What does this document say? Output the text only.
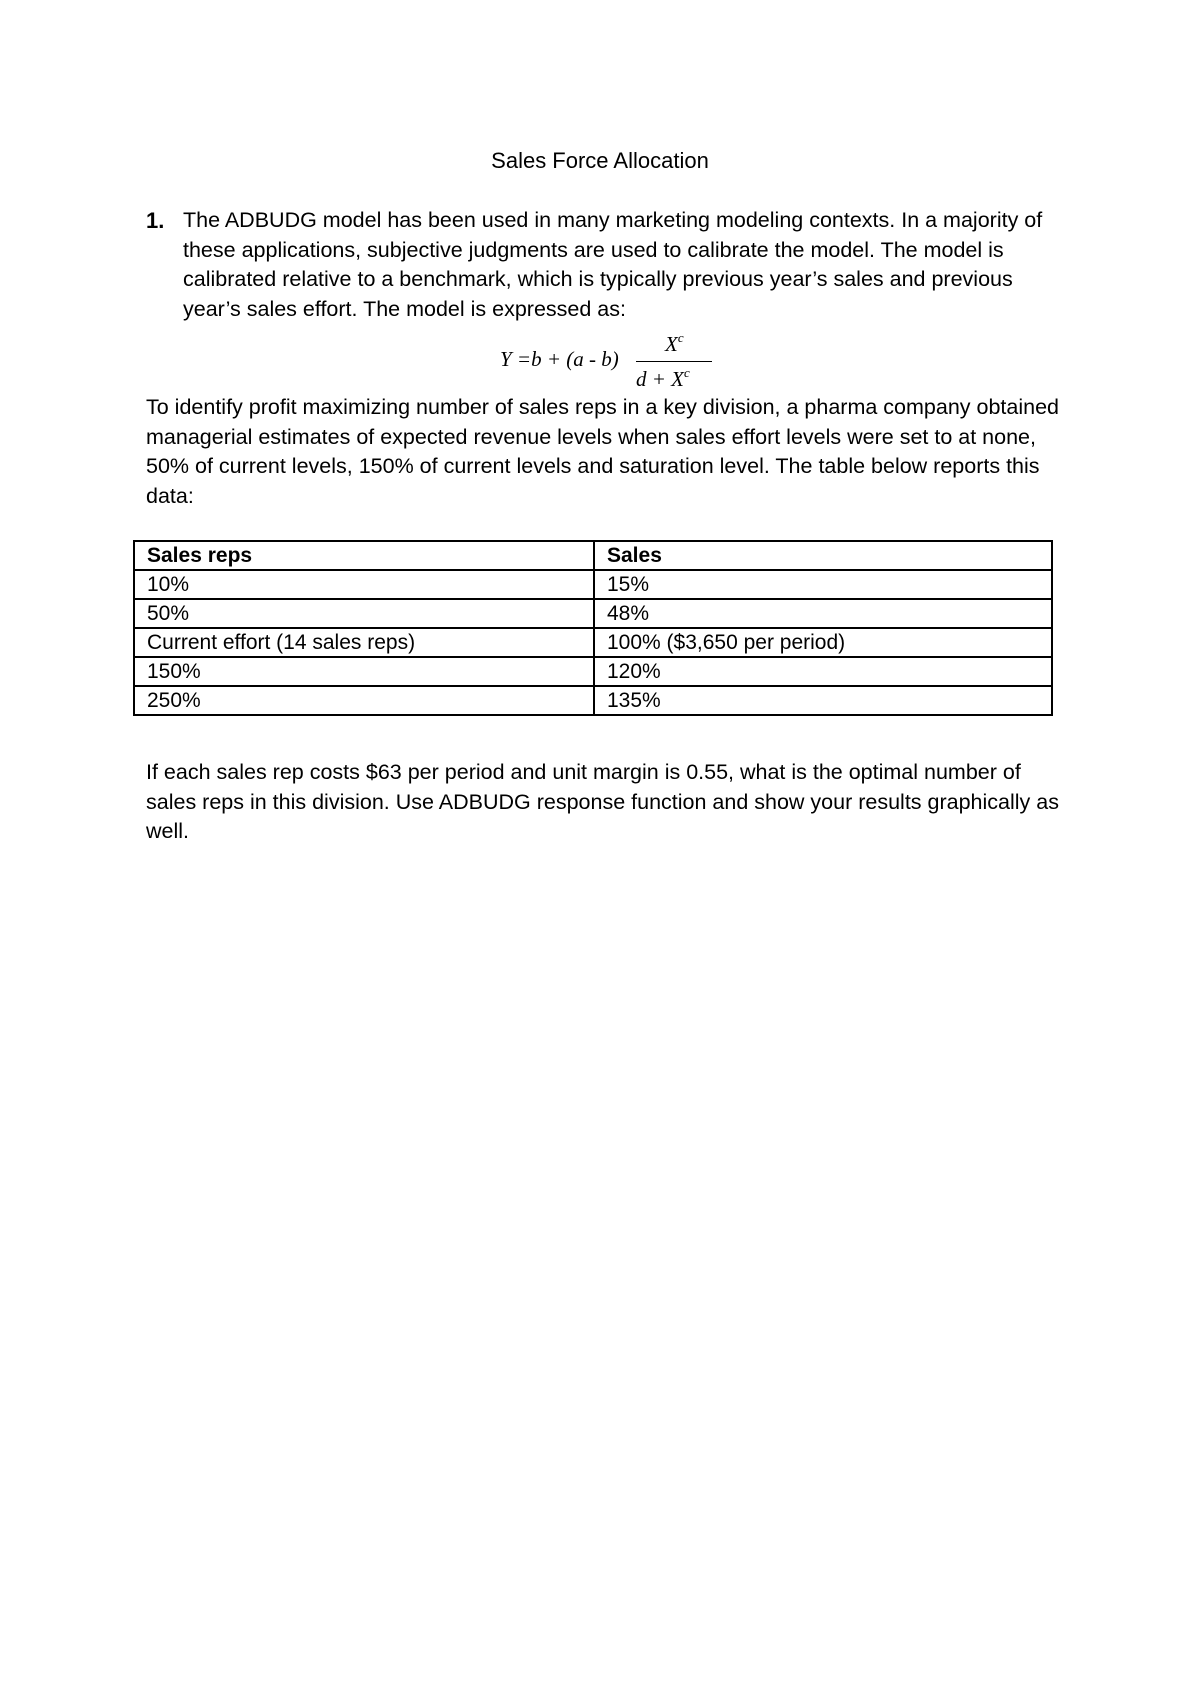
Sales Force Allocation
1. The ADBUDG model has been used in many marketing modeling contexts. In a majority of these applications, subjective judgments are used to calibrate the model. The model is calibrated relative to a benchmark, which is typically previous year’s sales and previous year’s sales effort. The model is expressed as:
Y =b + (a - b)
$X^c$
$d + X^c$
To identify profit maximizing number of sales reps in a key division, a pharma company obtained managerial estimates of expected revenue levels when sales effort levels were set to at none, 50% of current levels, 150% of current levels and saturation level. The table below reports this data:
Sales reps	Sales
10%	15%
50%	48%
Current effort (14 sales reps)	100% ($3,650 per period)
150%	120%
250%	135%
If each sales rep costs $63 per period and unit margin is 0.55, what is the optimal number of sales reps in this division. Use ADBUDG response function and show your results graphically as well.
